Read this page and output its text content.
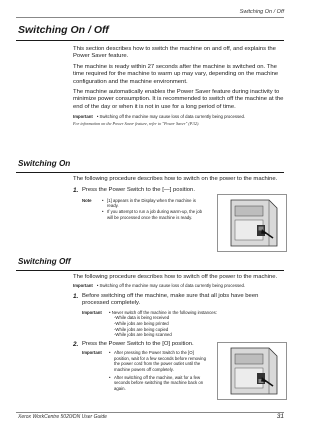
Switching On / Off
Switching On / Off

This section describes how to switch the machine on and off, and explains the Power Saver feature.

The machine is ready within 27 seconds after the machine is switched on. The time required for the machine to warm up may vary, depending on the machine configuration and the machine environment.

The machine automatically enables the Power Saver feature during inactivity to minimize power consumption. It is recommended to switch off the machine at the end of the day or when it is not in use for a long period of time.

Important • Switching off the machine may cause loss of data currently being processed.
For information on the Power Saver feature, refer to "Power Saver" (P.32).
Switching On

The following procedure describes how to switch on the power to the machine.

1. Press the Power Switch to the [—] position.
Note	• [1] appears in the Display when the machine is ready.
• If you attempt to run a job during warm-up, the job will be processed once the machine is ready.
Switching Off

The following procedure describes how to switch off the power to the machine.

Important • Switching off the machine may cause loss of data currently being processed.
1. Before switching off the machine, make sure that all jobs have been processed completely.
Important	• Never switch off the machine in the following instances:
-While data is being received
-While jobs are being printed
-While jobs are being copied
-While jobs are being scanned
2. Press the Power Switch to the [O] position.
Important	• After pressing the Power Switch to the [O] position, wait for a few seconds before removing the power cord from the power outlet until the machine powers off completely.
• After switching off the machine, wait for a few seconds before switching the machine back on again.
Xerox WorkCentre 5020/DN User Guide	31
